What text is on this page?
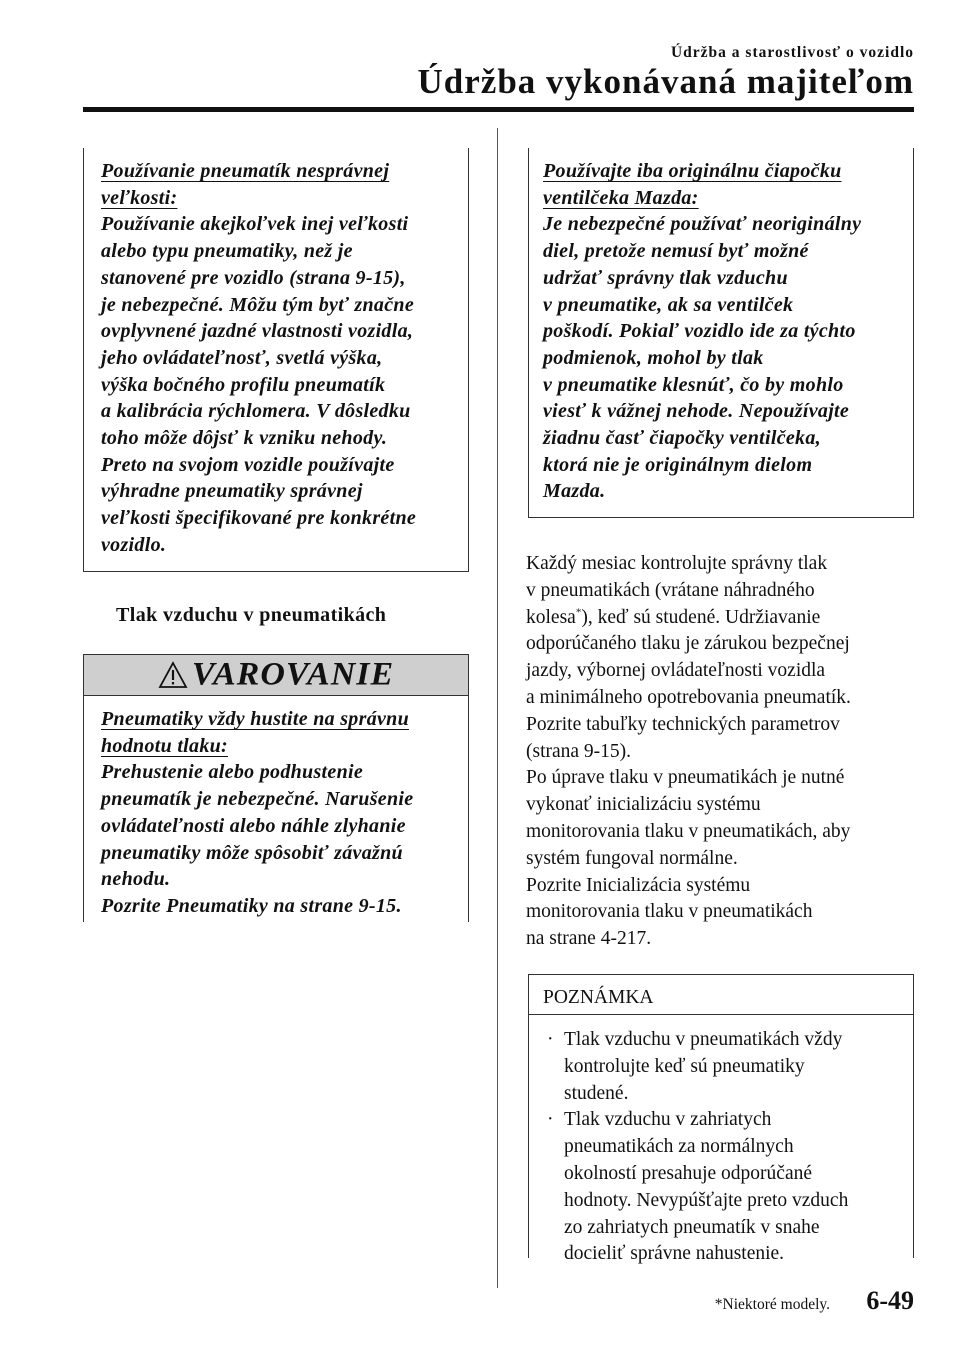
Údržba a starostlivosť o vozidlo
Údržba vykonávaná majiteľom
Používanie pneumatík nesprávnej
veľkosti:
Používanie akejkoľvek inej veľkosti
alebo typu pneumatiky, než je
stanovené pre vozidlo (strana 9-15),
je nebezpečné. Môžu tým byť značne
ovplyvnené jazdné vlastnosti vozidla,
jeho ovládateľnosť, svetlá výška,
výška bočného profilu pneumatík
a kalibrácia rýchlomera. V dôsledku
toho môže dôjsť k vzniku nehody.
Preto na svojom vozidle používajte
výhradne pneumatiky správnej
veľkosti špecifikované pre konkrétne
vozidlo.
Tlak vzduchu v pneumatikách
VAROVANIE
Pneumatiky vždy hustite na správnu
hodnotu tlaku:
Prehustenie alebo podhustenie
pneumatík je nebezpečné. Narušenie
ovládateľnosti alebo náhle zlyhanie
pneumatiky môže spôsobiť závažnú
nehodu.
Pozrite Pneumatiky na strane 9-15.
Používajte iba originálnu čiapočku
ventilčeka Mazda:
Je nebezpečné používať neoriginálny
diel, pretože nemusí byť možné
udržať správny tlak vzduchu
v pneumatike, ak sa ventilček
poškodí. Pokiaľ vozidlo ide za týchto
podmienok, mohol by tlak
v pneumatike klesnúť, čo by mohlo
viesť k vážnej nehode. Nepoužívajte
žiadnu časť čiapočky ventilčeka,
ktorá nie je originálnym dielom
Mazda.

Každý mesiac kontrolujte správny tlak

v pneumatikách (vrátane náhradného

kolesa*), keď sú studené. Udržiavanie

odporúčaného tlaku je zárukou bezpečnej

jazdy, výbornej ovládateľnosti vozidla

a minimálneho opotrebovania pneumatík.

Pozrite tabuľky technických parametrov

(strana 9-15).

Po úprave tlaku v pneumatikách je nutné

vykonať inicializáciu systému

monitorovania tlaku v pneumatikách, aby

systém fungoval normálne.

Pozrite Inicializácia systému

monitorovania tlaku v pneumatikách

na strane 4-217.

POZNÁMKA
· Tlak vzduchu v pneumatikách vždy
kontrolujte keď sú pneumatiky
studené.
· Tlak vzduchu v zahriatych
pneumatikách za normálnych
okolností presahuje odporúčané
hodnoty. Nevypúšťajte preto vzduch
zo zahriatych pneumatík v snahe
docieliť správne nahustenie.
*Niektoré modely. 6-49
